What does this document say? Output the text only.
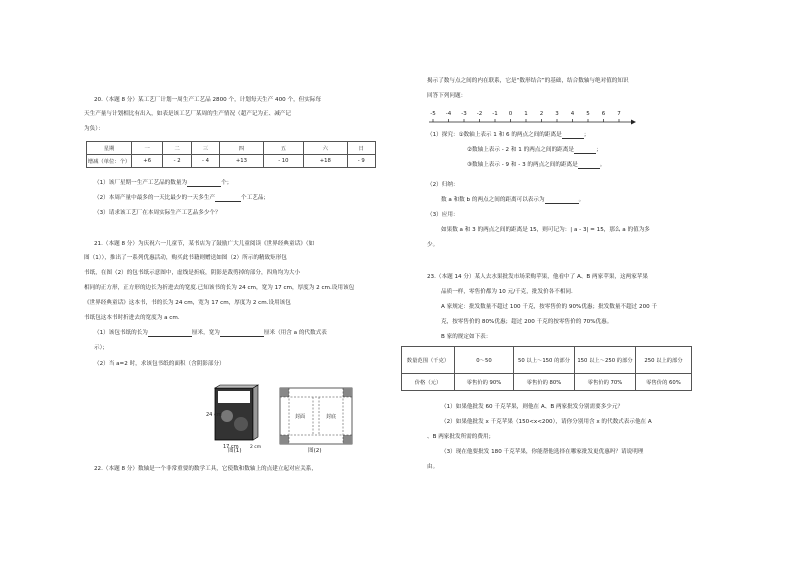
20.（本题 8 分）某工艺厂计划一周生产工艺品 2800 个，计划每天生产 400 个，但实际每
天生产量与计划相比有出入，如表是该工艺厂某周的生产情况（超产记为正、减产记
为负）：
星期	一	二	三	四	五	六	日
增减（单位：个）	+6	- 2	- 4	+13	- 10	+18	- 9
（1）该厂星期一生产工艺品的数量为	个；
（2）本周产量中最多的一天比最少的一天多生产	个工艺品；
（3）请求该工艺厂在本周实际生产工艺品多少个？
21.（本题 8 分）为庆祝六一儿童节，某书店为了鼓励广大儿童阅读《世界经典童话》（如
图（1）），推出了一系列优惠活动，购买此书籍则赠送如图（2）所示的精致矩形包
书纸，在图（2）的包书纸示意图中，虚线是折痕，阴影是裁剪掉的部分，四角均为大小
相同的正方形，正方形的边长为折进去的宽度.已知该书的长为 24 cm，宽为 17 cm，厚度为 2 cm.设用该包
《世界经典童话》这本书，书的长为 24 cm，宽为 17 cm，厚度为 2 cm.设用该包
书纸包这本书时折进去的宽度为 a cm.
（1）该包书纸的长为	厘米，宽为	厘米（用含 a 的代数式表
示）；
（2）当 a=2 时，求该包书纸的面积（含阴影部分）
24 cm
17 cm	2 cm
图(1)
封面	封底
图(2)
22.（本题 8 分）数轴是一个非常重要的数学工具，它使数和数轴上的点建立起对应关系，
揭示了数与点之间的内在联系，它是“数形结合”的基础，结合数轴与绝对值的知识
回答下列问题：
-5 -4 -3 -2 -1 0 1 2 3 4 5 6 7
（1）探究：①数轴上表示 1 和 6 的两点之间的距离是	；
②数轴上表示 - 2 和 1 的两点之间的距离是	；
③数轴上表示 - 9 和 - 3 的两点之间的距离是	。
（2）归纳：
数 a 和数 b 的两点之间的距离可以表示为	。
（3）应用：
如果数 a 和 3 的两点之间的距离是 15，则可记为：| a - 3| = 15，那么 a 的值为多
少。
23.（本题 14 分）某人去水果批发市场采购苹果，他看中了 A、B 两家苹果，这两家苹果
品质一样，零售价都为 10 元/千克，批发价各不相同.
A 家规定：批发数量不超过 100 千克，按零售价的 90%优惠；批发数量不超过 200 千
克，按零售价的 80%优惠；超过 200 千克的按零售价的 70%优惠。
B 家的规定如下表：
数量范围（千克）	0～50	50 以上～150 的部分	150 以上～250 的部分	250 以上的部分
价格（元）	零售价的 90%	零售价的 80%	零售价的 70%	零售价的 60%
（1）如果他批发 60 千克苹果，则他在 A、B 两家批发分别需要多少元？
（2）如果他批发 x 千克苹果（150<x<200），请你分别用含 x 的代数式表示他在 A
、B 两家批发所需的费用；
（3）现在他要批发 180 千克苹果，你能帮他选择在哪家批发更优惠吗？请说明理
由。
